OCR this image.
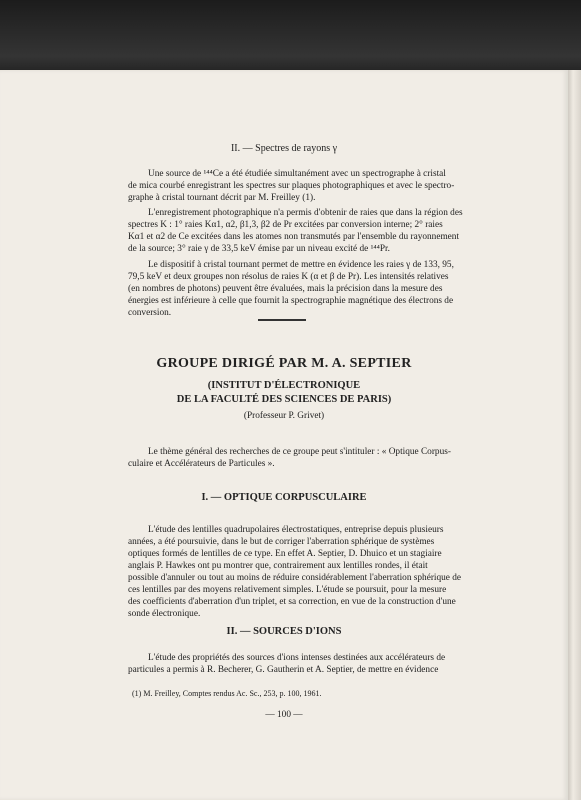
II. — Spectres de rayons γ
Une source de ¹⁴⁴Ce a été étudiée simultanément avec un spectrographe à cristal
de mica courbé enregistrant les spectres sur plaques photographiques et avec le spectro-
graphe à cristal tournant décrit par M. Freilley (1).
L'enregistrement photographique n'a permis d'obtenir de raies que dans la région des
spectres K : 1° raies Kα1, α2, β1,3, β2 de Pr excitées par conversion interne; 2° raies
Kα1 et α2 de Ce excitées dans les atomes non transmutés par l'ensemble du rayonnement
de la source; 3° raie γ de 33,5 keV émise par un niveau excité de ¹⁴⁴Pr.
Le dispositif à cristal tournant permet de mettre en évidence les raies γ de 133, 95,
79,5 keV et deux groupes non résolus de raies K (α et β de Pr). Les intensités relatives
(en nombres de photons) peuvent être évaluées, mais la précision dans la mesure des
énergies est inférieure à celle que fournit la spectrographie magnétique des électrons de
conversion.
GROUPE DIRIGÉ PAR M. A. SEPTIER
(INSTITUT D'ÉLECTRONIQUE
DE LA FACULTÉ DES SCIENCES DE PARIS)
(Professeur P. Grivet)
Le thème général des recherches de ce groupe peut s'intituler : « Optique Corpus-
culaire et Accélérateurs de Particules ».
I. — OPTIQUE CORPUSCULAIRE
L'étude des lentilles quadrupolaires électrostatiques, entreprise depuis plusieurs
années, a été poursuivie, dans le but de corriger l'aberration sphérique de systèmes
optiques formés de lentilles de ce type. En effet A. Septier, D. Dhuico et un stagiaire
anglais P. Hawkes ont pu montrer que, contrairement aux lentilles rondes, il était
possible d'annuler ou tout au moins de réduire considérablement l'aberration sphérique de
ces lentilles par des moyens relativement simples. L'étude se poursuit, pour la mesure
des coefficients d'aberration d'un triplet, et sa correction, en vue de la construction d'une
sonde électronique.
II. — SOURCES D'IONS
L'étude des propriétés des sources d'ions intenses destinées aux accélérateurs de
particules a permis à R. Becherer, G. Gautherin et A. Septier, de mettre en évidence
(1) M. Freilley, Comptes rendus Ac. Sc., 253, p. 100, 1961.
— 100 —
